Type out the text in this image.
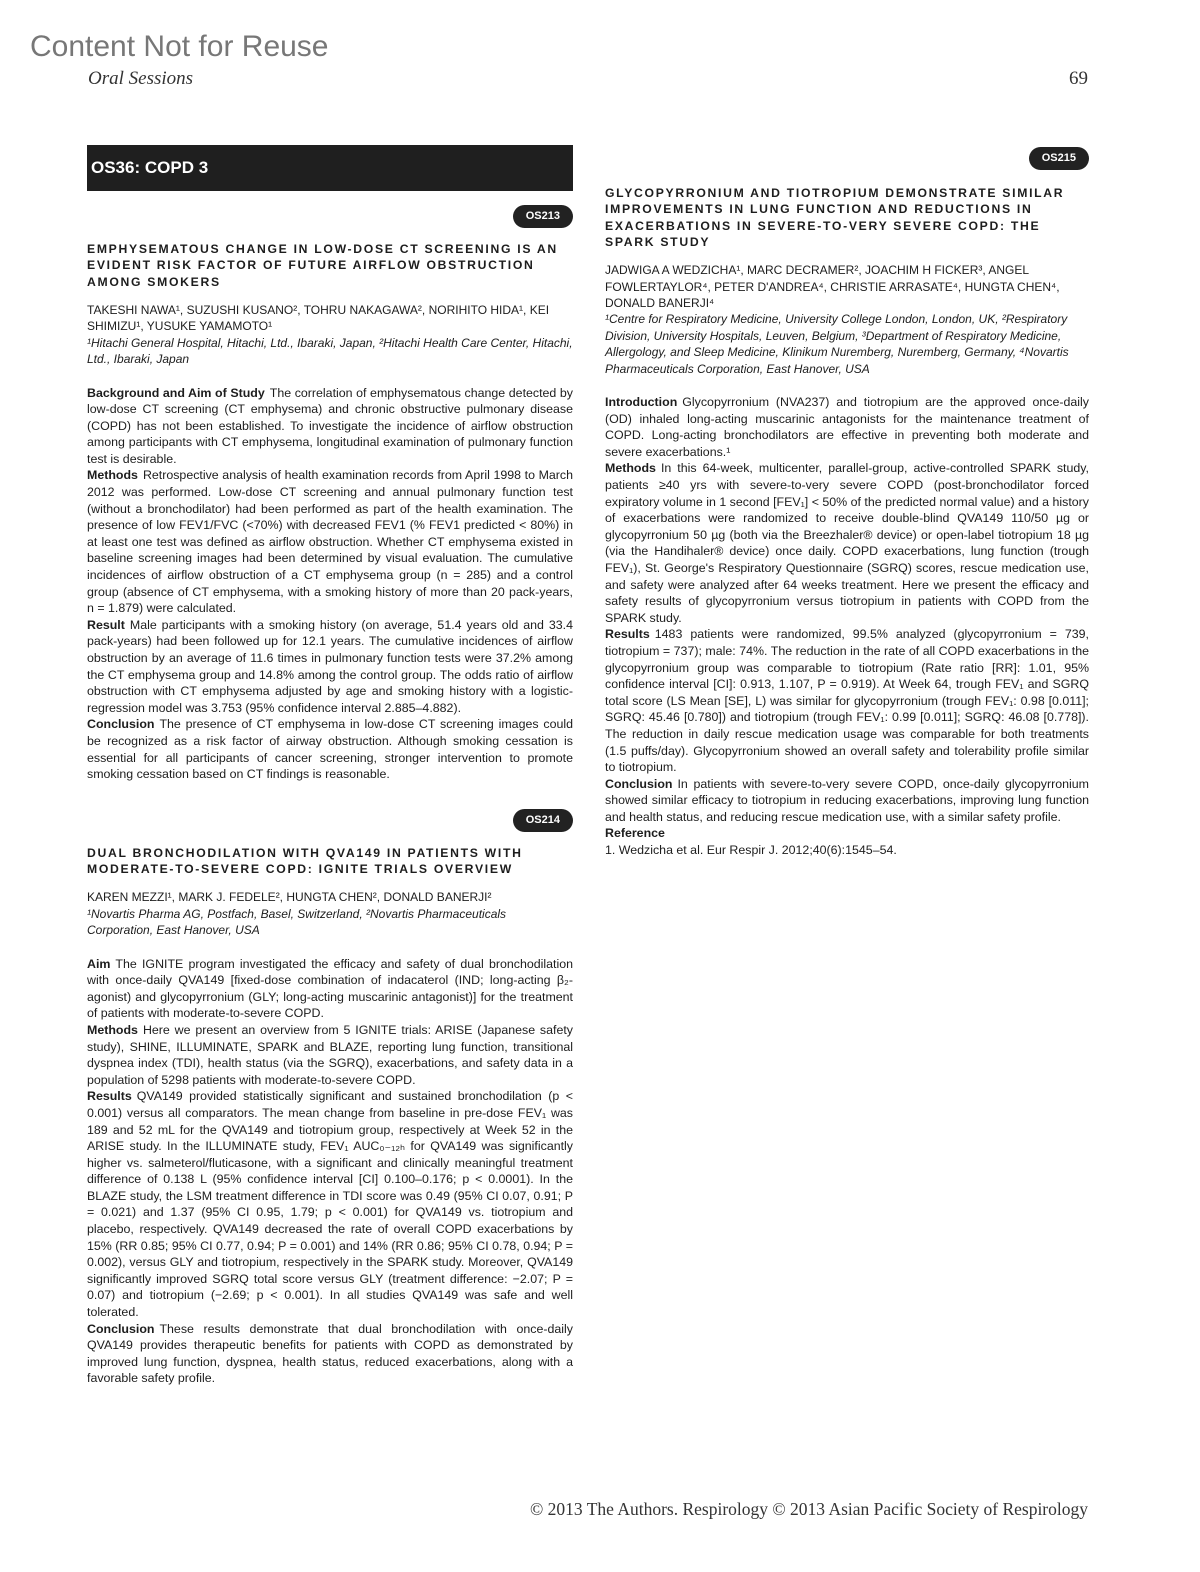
Content Not for Reuse
Oral Sessions	69
OS36: COPD 3
OS213
EMPHYSEMATOUS CHANGE IN LOW-DOSE CT SCREENING IS AN EVIDENT RISK FACTOR OF FUTURE AIRFLOW OBSTRUCTION AMONG SMOKERS
TAKESHI NAWA¹, SUZUSHI KUSANO², TOHRU NAKAGAWA², NORIHITO HIDA¹, KEI SHIMIZU¹, YUSUKE YAMAMOTO¹
¹Hitachi General Hospital, Hitachi, Ltd., Ibaraki, Japan, ²Hitachi Health Care Center, Hitachi, Ltd., Ibaraki, Japan

Background and Aim of Study The correlation of emphysematous change detected by low-dose CT screening (CT emphysema) and chronic obstructive pulmonary disease (COPD) has not been established. To investigate the incidence of airflow obstruction among participants with CT emphysema, longitudinal examination of pulmonary function test is desirable.

Methods Retrospective analysis of health examination records from April 1998 to March 2012 was performed. Low-dose CT screening and annual pulmonary function test (without a bronchodilator) had been performed as part of the health examination. The presence of low FEV1/FVC (<70%) with decreased FEV1 (% FEV1 predicted < 80%) in at least one test was defined as airflow obstruction. Whether CT emphysema existed in baseline screening images had been determined by visual evaluation. The cumulative incidences of airflow obstruction of a CT emphysema group (n = 285) and a control group (absence of CT emphysema, with a smoking history of more than 20 pack-years, n = 1.879) were calculated.

Result Male participants with a smoking history (on average, 51.4 years old and 33.4 pack-years) had been followed up for 12.1 years. The cumulative incidences of airflow obstruction by an average of 11.6 times in pulmonary function tests were 37.2% among the CT emphysema group and 14.8% among the control group. The odds ratio of airflow obstruction with CT emphysema adjusted by age and smoking history with a logistic-regression model was 3.753 (95% confidence interval 2.885–4.882).

Conclusion The presence of CT emphysema in low-dose CT screening images could be recognized as a risk factor of airway obstruction. Although smoking cessation is essential for all participants of cancer screening, stronger intervention to promote smoking cessation based on CT findings is reasonable.

OS214
DUAL BRONCHODILATION WITH QVA149 IN PATIENTS WITH MODERATE-TO-SEVERE COPD: IGNITE TRIALS OVERVIEW
KAREN MEZZI¹, MARK J. FEDELE², HUNGTA CHEN², DONALD BANERJI²
¹Novartis Pharma AG, Postfach, Basel, Switzerland, ²Novartis Pharmaceuticals Corporation, East Hanover, USA

Aim The IGNITE program investigated the efficacy and safety of dual bronchodilation with once-daily QVA149 [fixed-dose combination of indacaterol (IND; long-acting β₂-agonist) and glycopyrronium (GLY; long-acting muscarinic antagonist)] for the treatment of patients with moderate-to-severe COPD.

Methods Here we present an overview from 5 IGNITE trials: ARISE (Japanese safety study), SHINE, ILLUMINATE, SPARK and BLAZE, reporting lung function, transitional dyspnea index (TDI), health status (via the SGRQ), exacerbations, and safety data in a population of 5298 patients with moderate-to-severe COPD.

Results QVA149 provided statistically significant and sustained bronchodilation (p < 0.001) versus all comparators. The mean change from baseline in pre-dose FEV₁ was 189 and 52 mL for the QVA149 and tiotropium group, respectively at Week 52 in the ARISE study. In the ILLUMINATE study, FEV₁ AUC₀₋₁₂ₕ for QVA149 was significantly higher vs. salmeterol/fluticasone, with a significant and clinically meaningful treatment difference of 0.138 L (95% confidence interval [CI] 0.100–0.176; p < 0.0001). In the BLAZE study, the LSM treatment difference in TDI score was 0.49 (95% CI 0.07, 0.91; P = 0.021) and 1.37 (95% CI 0.95, 1.79; p < 0.001) for QVA149 vs. tiotropium and placebo, respectively. QVA149 decreased the rate of overall COPD exacerbations by 15% (RR 0.85; 95% CI 0.77, 0.94; P = 0.001) and 14% (RR 0.86; 95% CI 0.78, 0.94; P = 0.002), versus GLY and tiotropium, respectively in the SPARK study. Moreover, QVA149 significantly improved SGRQ total score versus GLY (treatment difference: −2.07; P = 0.07) and tiotropium (−2.69; p < 0.001). In all studies QVA149 was safe and well tolerated.

Conclusion These results demonstrate that dual bronchodilation with once-daily QVA149 provides therapeutic benefits for patients with COPD as demonstrated by improved lung function, dyspnea, health status, reduced exacerbations, along with a favorable safety profile.

OS215
GLYCOPYRRONIUM AND TIOTROPIUM DEMONSTRATE SIMILAR IMPROVEMENTS IN LUNG FUNCTION AND REDUCTIONS IN EXACERBATIONS IN SEVERE-TO-VERY SEVERE COPD: THE SPARK STUDY
JADWIGA A WEDZICHA¹, MARC DECRAMER², JOACHIM H FICKER³, ANGEL FOWLERTAYLOR⁴, PETER D'ANDREA⁴, CHRISTIE ARRASATE⁴, HUNGTA CHEN⁴, DONALD BANERJI⁴
¹Centre for Respiratory Medicine, University College London, London, UK, ²Respiratory Division, University Hospitals, Leuven, Belgium, ³Department of Respiratory Medicine, Allergology, and Sleep Medicine, Klinikum Nuremberg, Nuremberg, Germany, ⁴Novartis Pharmaceuticals Corporation, East Hanover, USA

Introduction Glycopyrronium (NVA237) and tiotropium are the approved once-daily (OD) inhaled long-acting muscarinic antagonists for the maintenance treatment of COPD. Long-acting bronchodilators are effective in preventing both moderate and severe exacerbations.¹

Methods In this 64-week, multicenter, parallel-group, active-controlled SPARK study, patients ≥40 yrs with severe-to-very severe COPD (post-bronchodilator forced expiratory volume in 1 second [FEV₁] < 50% of the predicted normal value) and a history of exacerbations were randomized to receive double-blind QVA149 110/50 µg or glycopyrronium 50 µg (both via the Breezhaler® device) or open-label tiotropium 18 µg (via the Handihaler® device) once daily. COPD exacerbations, lung function (trough FEV₁), St. George's Respiratory Questionnaire (SGRQ) scores, rescue medication use, and safety were analyzed after 64 weeks treatment. Here we present the efficacy and safety results of glycopyrronium versus tiotropium in patients with COPD from the SPARK study.

Results 1483 patients were randomized, 99.5% analyzed (glycopyrronium = 739, tiotropium = 737); male: 74%. The reduction in the rate of all COPD exacerbations in the glycopyrronium group was comparable to tiotropium (Rate ratio [RR]: 1.01, 95% confidence interval [CI]: 0.913, 1.107, P = 0.919). At Week 64, trough FEV₁ and SGRQ total score (LS Mean [SE], L) was similar for glycopyrronium (trough FEV₁: 0.98 [0.011]; SGRQ: 45.46 [0.780]) and tiotropium (trough FEV₁: 0.99 [0.011]; SGRQ: 46.08 [0.778]). The reduction in daily rescue medication usage was comparable for both treatments (1.5 puffs/day). Glycopyrronium showed an overall safety and tolerability profile similar to tiotropium.

Conclusion In patients with severe-to-very severe COPD, once-daily glycopyrronium showed similar efficacy to tiotropium in reducing exacerbations, improving lung function and health status, and reducing rescue medication use, with a similar safety profile.

Reference
1. Wedzicha et al. Eur Respir J. 2012;40(6):1545–54.
© 2013 The Authors. Respirology © 2013 Asian Pacific Society of Respirology
